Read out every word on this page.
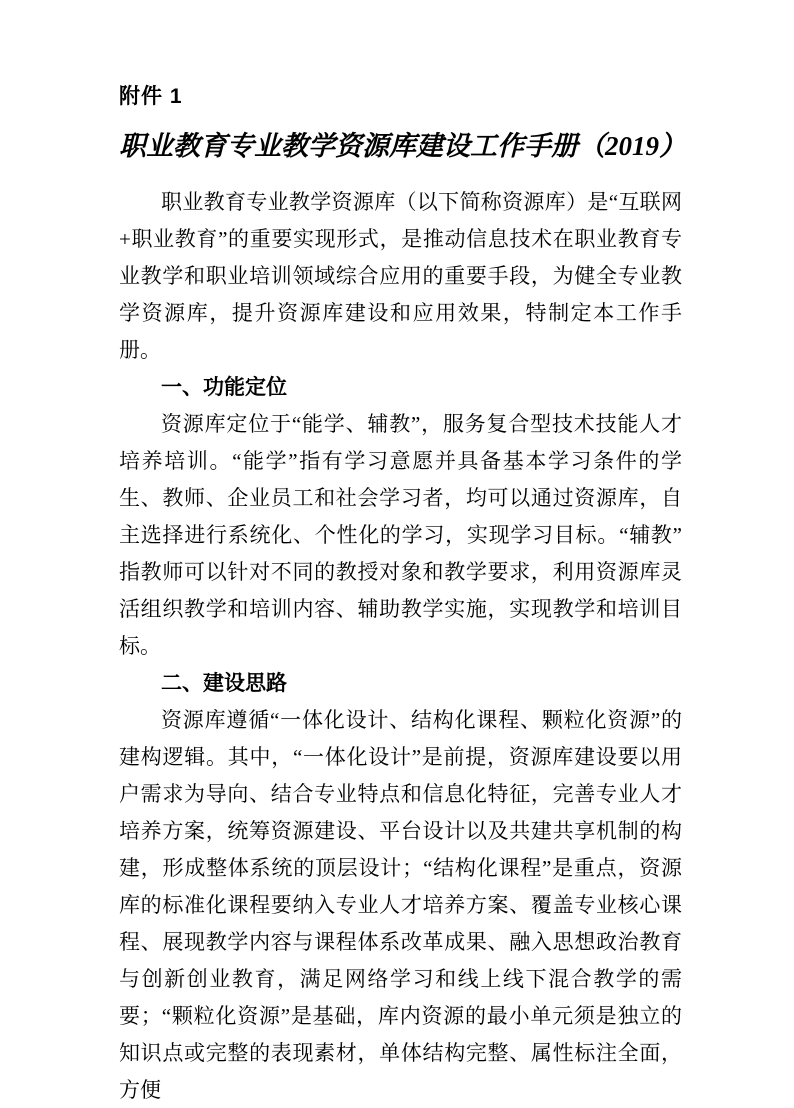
附件 1
职业教育专业教学资源库建设工作手册（2019）

职业教育专业教学资源库（以下简称资源库）是“互联网+职业教育”的重要实现形式，是推动信息技术在职业教育专业教学和职业培训领域综合应用的重要手段，为健全专业教学资源库，提升资源库建设和应用效果，特制定本工作手册。

一、功能定位

资源库定位于“能学、辅教”，服务复合型技术技能人才培养培训。“能学”指有学习意愿并具备基本学习条件的学生、教师、企业员工和社会学习者，均可以通过资源库，自主选择进行系统化、个性化的学习，实现学习目标。“辅教”指教师可以针对不同的教授对象和教学要求，利用资源库灵活组织教学和培训内容、辅助教学实施，实现教学和培训目标。

二、建设思路

资源库遵循“一体化设计、结构化课程、颗粒化资源”的建构逻辑。其中，“一体化设计”是前提，资源库建设要以用户需求为导向、结合专业特点和信息化特征，完善专业人才培养方案，统筹资源建设、平台设计以及共建共享机制的构建，形成整体系统的顶层设计；“结构化课程”是重点，资源库的标准化课程要纳入专业人才培养方案、覆盖专业核心课程、展现教学内容与课程体系改革成果、融入思想政治教育与创新创业教育，满足网络学习和线上线下混合教学的需要；“颗粒化资源”是基础，库内资源的最小单元须是独立的知识点或完整的表现素材，单体结构完整、属性标注全面，方便
